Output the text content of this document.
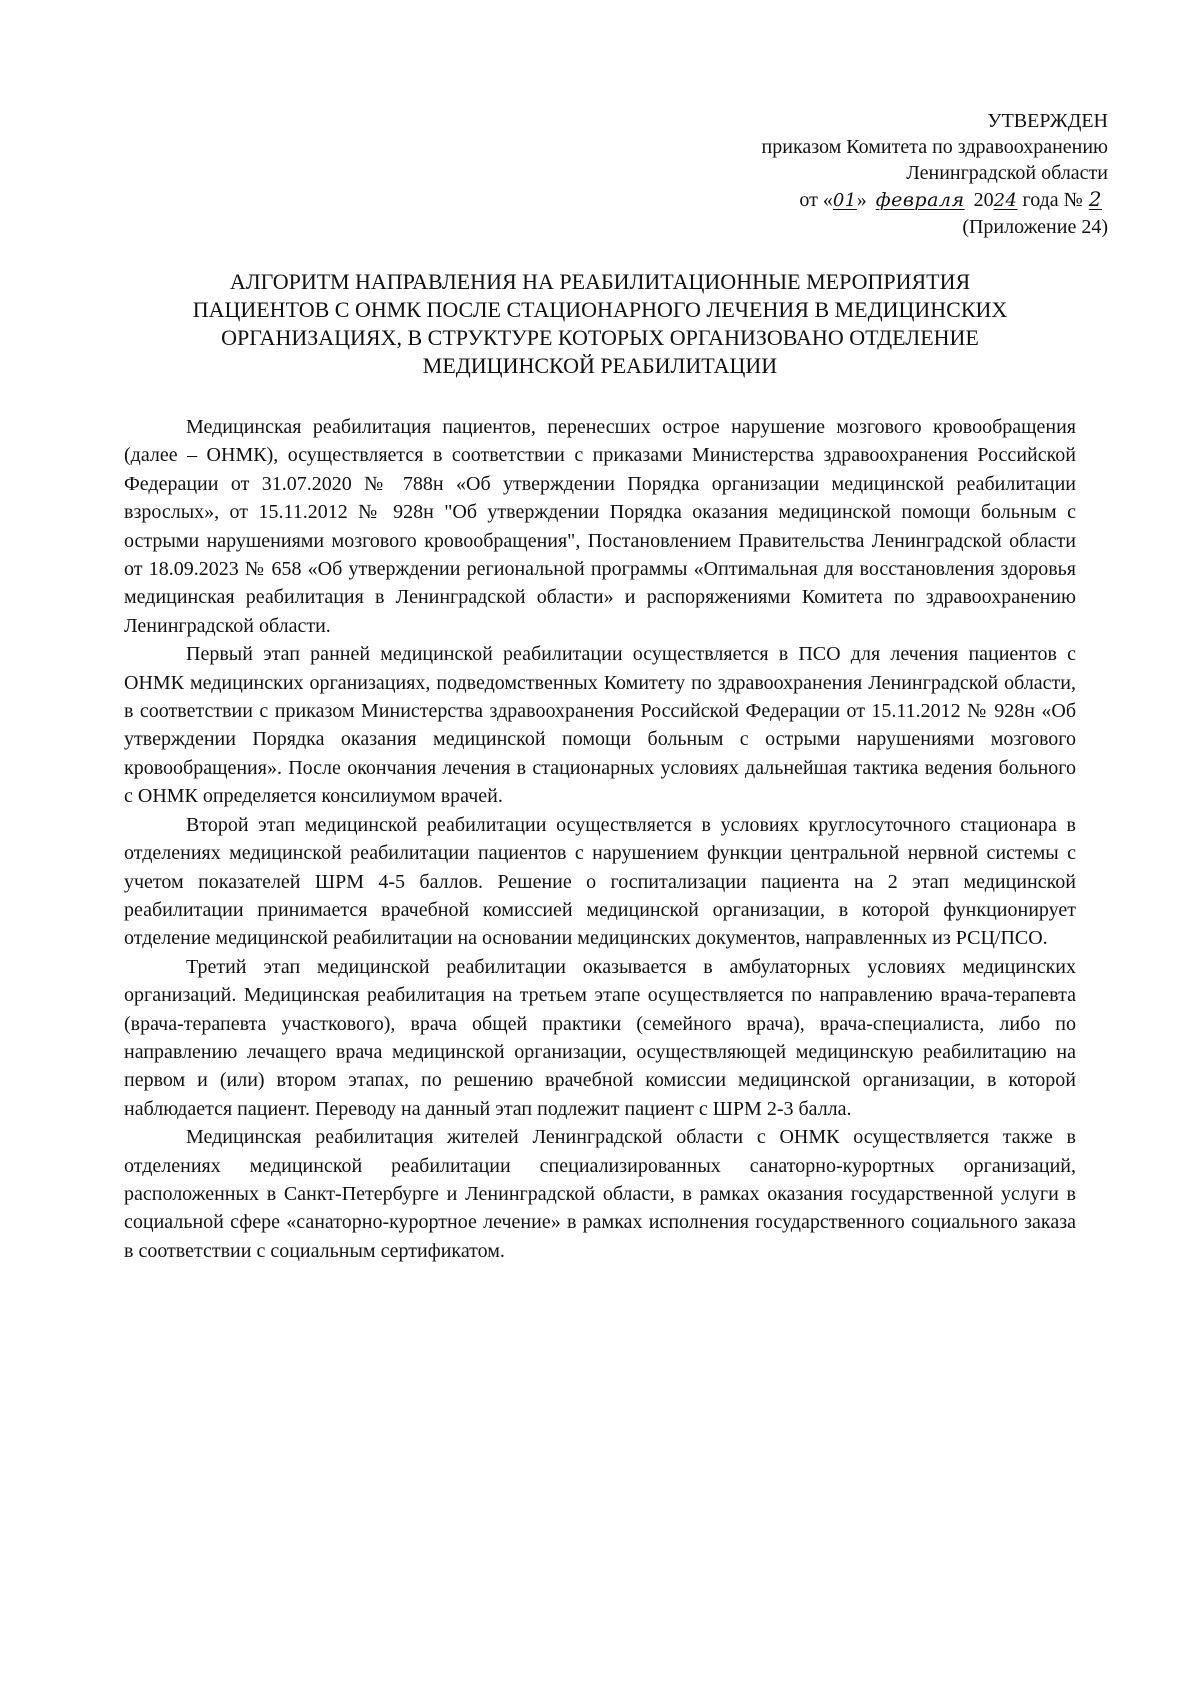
УТВЕРЖДЕН
приказом Комитета по здравоохранению
Ленинградской области
от «01» февраля 2024 года № 2
(Приложение 24)
АЛГОРИТМ НАПРАВЛЕНИЯ НА РЕАБИЛИТАЦИОННЫЕ МЕРОПРИЯТИЯ
ПАЦИЕНТОВ С ОНМК ПОСЛЕ СТАЦИОНАРНОГО ЛЕЧЕНИЯ В МЕДИЦИНСКИХ
ОРГАНИЗАЦИЯХ, В СТРУКТУРЕ КОТОРЫХ ОРГАНИЗОВАНО ОТДЕЛЕНИЕ
МЕДИЦИНСКОЙ РЕАБИЛИТАЦИИ

Медицинская реабилитация пациентов, перенесших острое нарушение мозгового кровообращения (далее – ОНМК), осуществляется в соответствии с приказами Министерства здравоохранения Российской Федерации от 31.07.2020 № 788н «Об утверждении Порядка организации медицинской реабилитации взрослых», от 15.11.2012 № 928н "Об утверждении Порядка оказания медицинской помощи больным с острыми нарушениями мозгового кровообращения", Постановлением Правительства Ленинградской области от 18.09.2023 № 658 «Об утверждении региональной программы «Оптимальная для восстановления здоровья медицинская реабилитация в Ленинградской области» и распоряжениями Комитета по здравоохранению Ленинградской области.

Первый этап ранней медицинской реабилитации осуществляется в ПСО для лечения пациентов с ОНМК медицинских организациях, подведомственных Комитету по здравоохранения Ленинградской области, в соответствии с приказом Министерства здравоохранения Российской Федерации от 15.11.2012 № 928н «Об утверждении Порядка оказания медицинской помощи больным с острыми нарушениями мозгового кровообращения». После окончания лечения в стационарных условиях дальнейшая тактика ведения больного с ОНМК определяется консилиумом врачей.

Второй этап медицинской реабилитации осуществляется в условиях круглосуточного стационара в отделениях медицинской реабилитации пациентов с нарушением функции центральной нервной системы с учетом показателей ШРМ 4-5 баллов. Решение о госпитализации пациента на 2 этап медицинской реабилитации принимается врачебной комиссией медицинской организации, в которой функционирует отделение медицинской реабилитации на основании медицинских документов, направленных из РСЦ/ПСО.

Третий этап медицинской реабилитации оказывается в амбулаторных условиях медицинских организаций. Медицинская реабилитация на третьем этапе осуществляется по направлению врача-терапевта (врача-терапевта участкового), врача общей практики (семейного врача), врача-специалиста, либо по направлению лечащего врача медицинской организации, осуществляющей медицинскую реабилитацию на первом и (или) втором этапах, по решению врачебной комиссии медицинской организации, в которой наблюдается пациент. Переводу на данный этап подлежит пациент с ШРМ 2-3 балла.

Медицинская реабилитация жителей Ленинградской области с ОНМК осуществляется также в отделениях медицинской реабилитации специализированных санаторно-курортных организаций, расположенных в Санкт-Петербурге и Ленинградской области, в рамках оказания государственной услуги в социальной сфере «санаторно-курортное лечение» в рамках исполнения государственного социального заказа в соответствии с социальным сертификатом.
